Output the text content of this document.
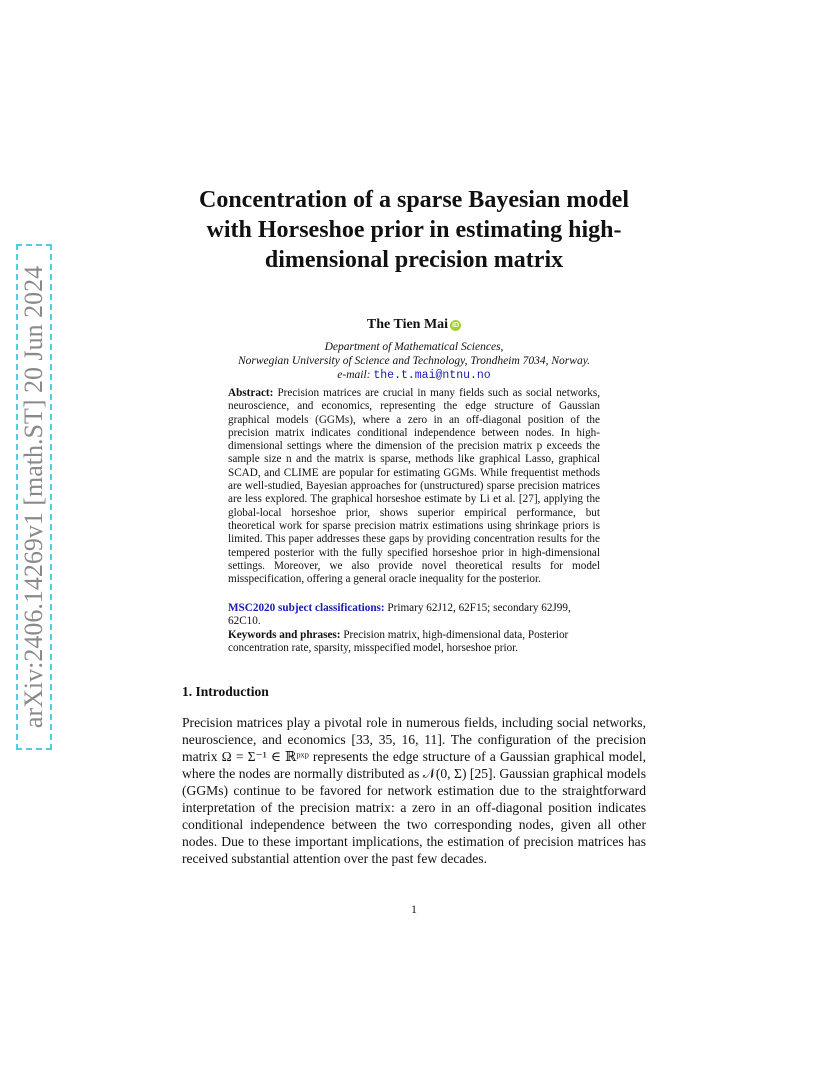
arXiv:2406.14269v1 [math.ST] 20 Jun 2024
Concentration of a sparse Bayesian model with Horseshoe prior in estimating high-dimensional precision matrix
The Tien Mai iD
Department of Mathematical Sciences,
Norwegian University of Science and Technology, Trondheim 7034, Norway.
e-mail: the.t.mai@ntnu.no
Abstract: Precision matrices are crucial in many fields such as social networks, neuroscience, and economics, representing the edge structure of Gaussian graphical models (GGMs), where a zero in an off-diagonal position of the precision matrix indicates conditional independence between nodes. In high-dimensional settings where the dimension of the precision matrix p exceeds the sample size n and the matrix is sparse, methods like graphical Lasso, graphical SCAD, and CLIME are popular for estimating GGMs. While frequentist methods are well-studied, Bayesian approaches for (unstructured) sparse precision matrices are less explored. The graphical horseshoe estimate by Li et al. [27], applying the global-local horseshoe prior, shows superior empirical performance, but theoretical work for sparse precision matrix estimations using shrinkage priors is limited. This paper addresses these gaps by providing concentration results for the tempered posterior with the fully specified horseshoe prior in high-dimensional settings. Moreover, we also provide novel theoretical results for model misspecification, offering a general oracle inequality for the posterior.

MSC2020 subject classifications: Primary 62J12, 62F15; secondary 62J99, 62C10.

Keywords and phrases: Precision matrix, high-dimensional data, Posterior concentration rate, sparsity, misspecified model, horseshoe prior.

1. Introduction
Precision matrices play a pivotal role in numerous fields, including social networks, neuroscience, and economics [33, 35, 16, 11]. The configuration of the precision matrix Ω = Σ⁻¹ ∈ ℝᵖˣᵖ represents the edge structure of a Gaussian graphical model, where the nodes are normally distributed as 𝒩(0, Σ) [25]. Gaussian graphical models (GGMs) continue to be favored for network estimation due to the straightforward interpretation of the precision matrix: a zero in an off-diagonal position indicates conditional independence between the two corresponding nodes, given all other nodes. Due to these important implications, the estimation of precision matrices has received substantial attention over the past few decades.
1
